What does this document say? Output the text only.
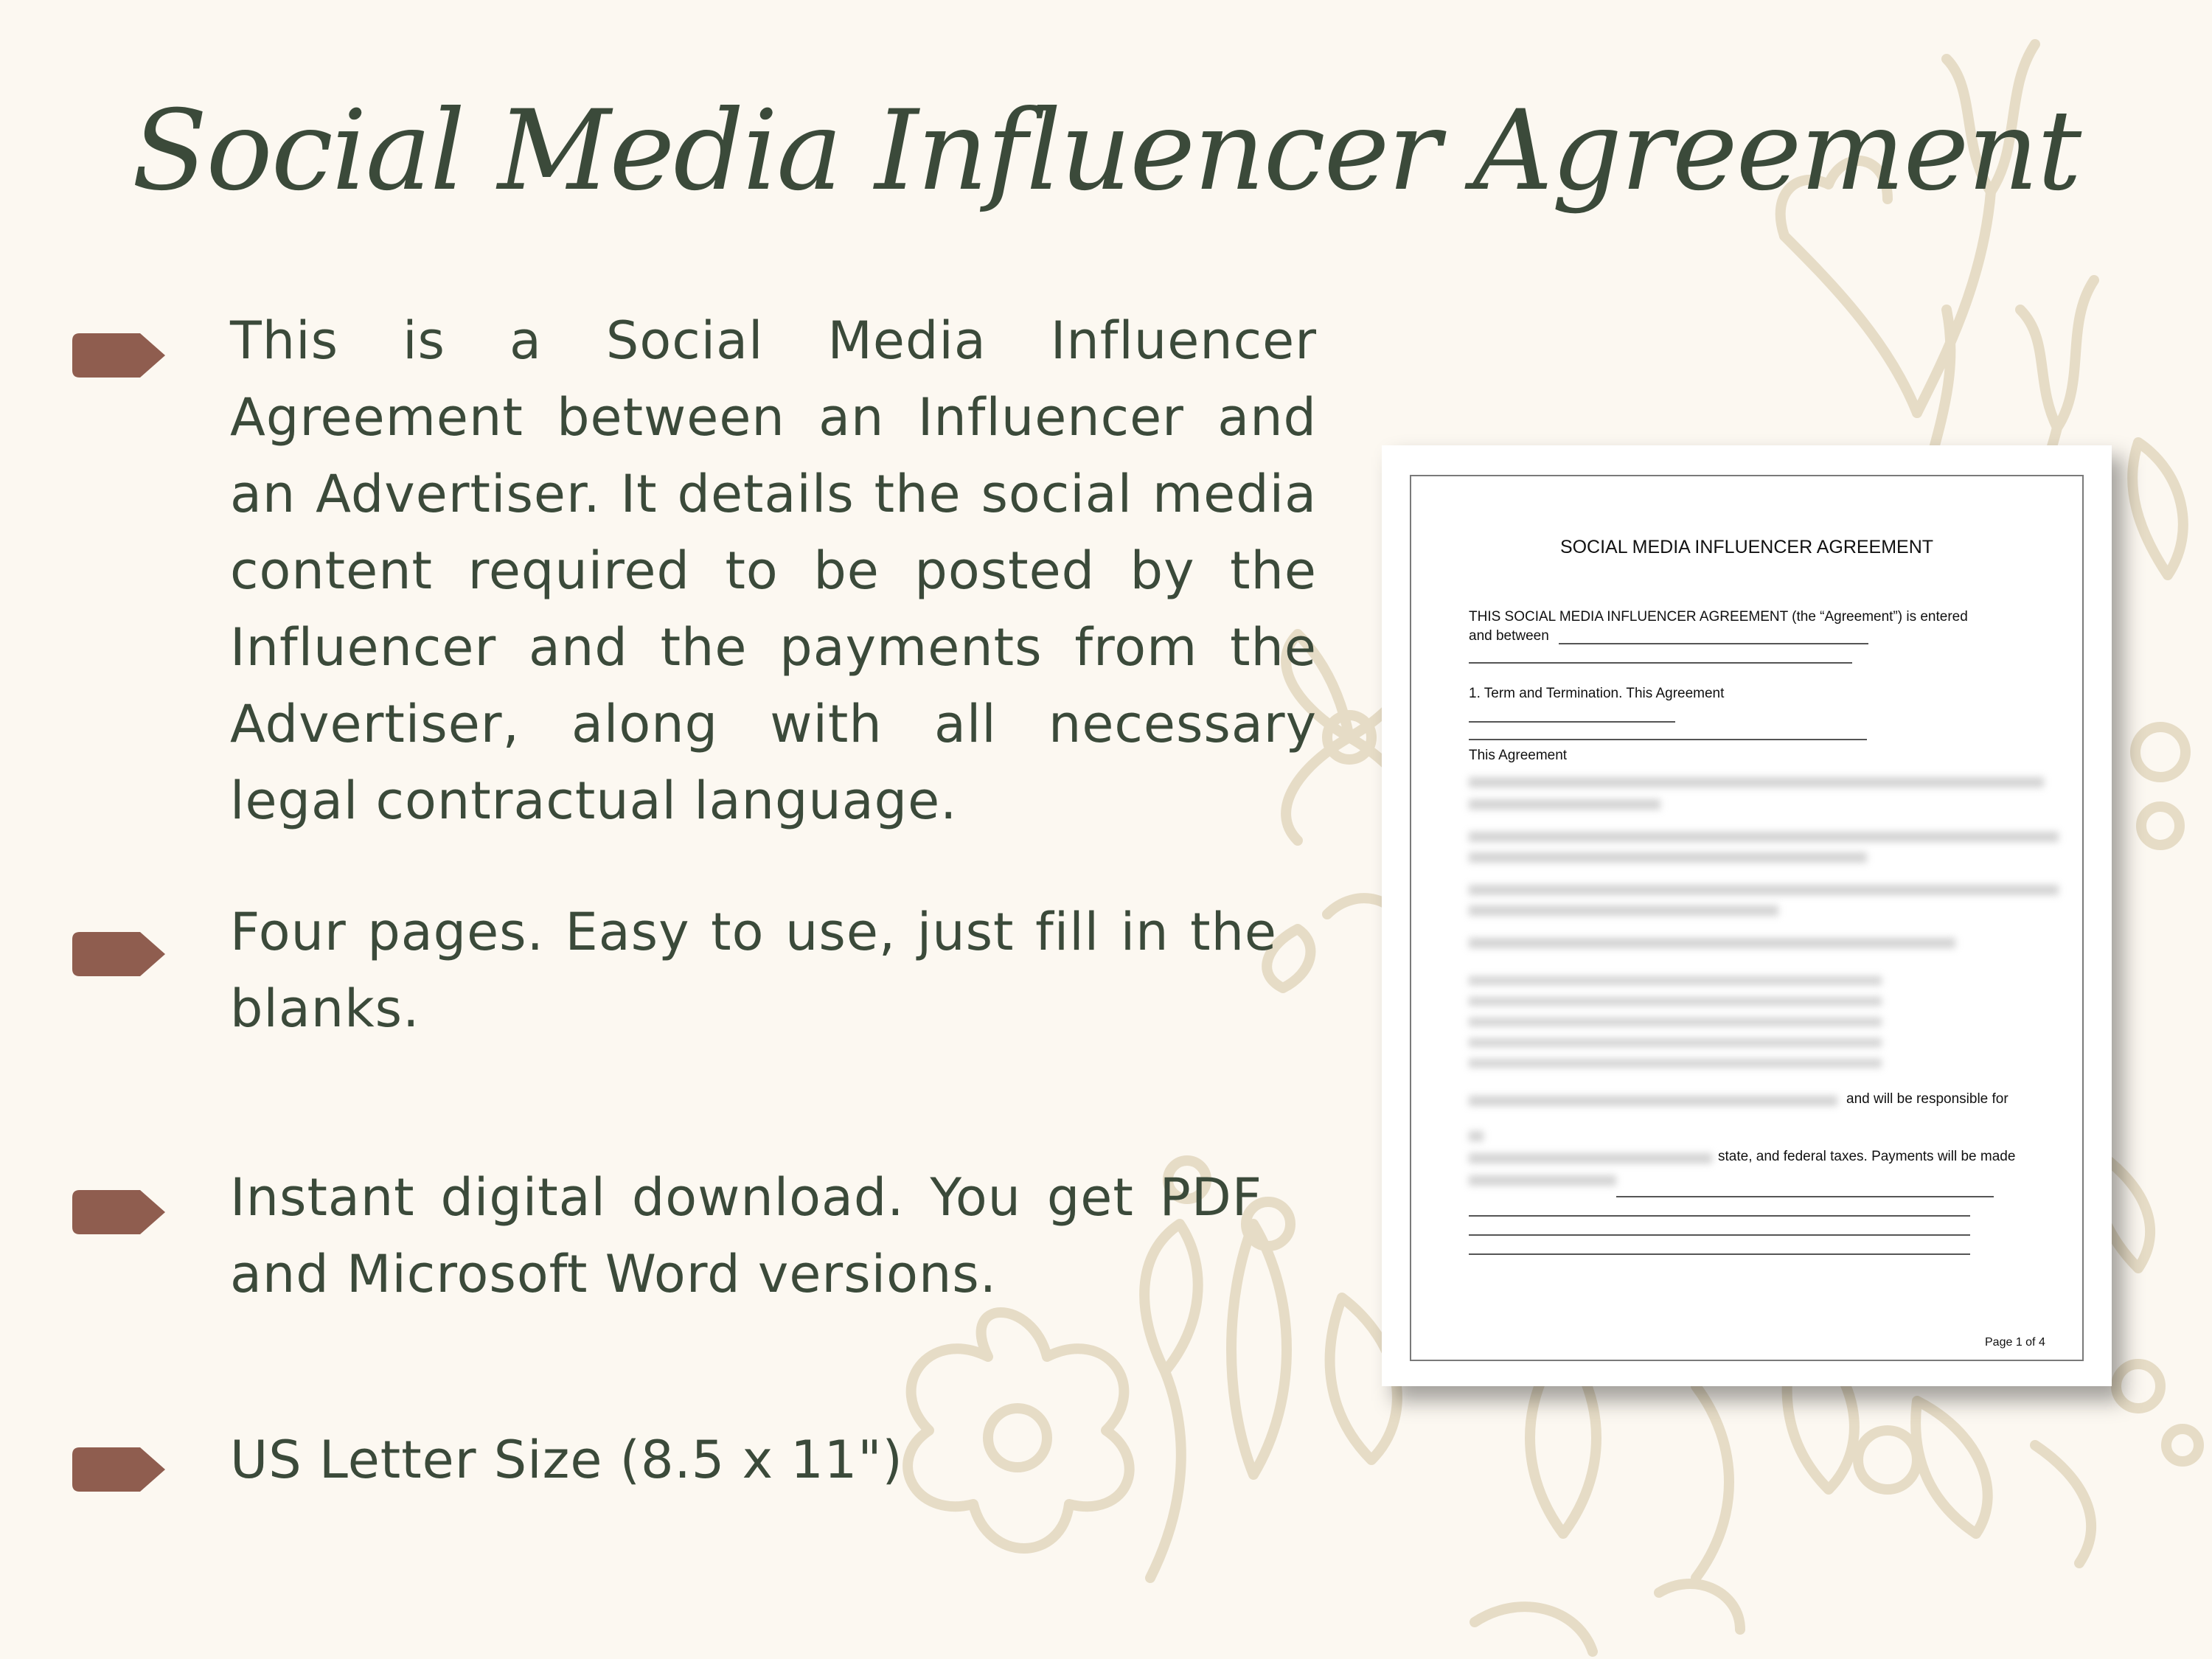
Social Media Influencer Agreement
This is a Social Media Influencer Agreement between an Influencer and an Advertiser. It details the social media content required to be posted by the Influencer and the payments from the Advertiser, along with all necessary legal contractual language.
Four pages. Easy to use, just fill in the blanks.
Instant digital download. You get PDF and Microsoft Word versions.
US Letter Size (8.5 x 11")
SOCIAL MEDIA INFLUENCER AGREEMENT
THIS SOCIAL MEDIA INFLUENCER AGREEMENT (the “Agreement”) is entered
and between
1. Term and Termination. This Agreement
This Agreement
and will be responsible for
state, and federal taxes. Payments will be made
Page 1 of 4
